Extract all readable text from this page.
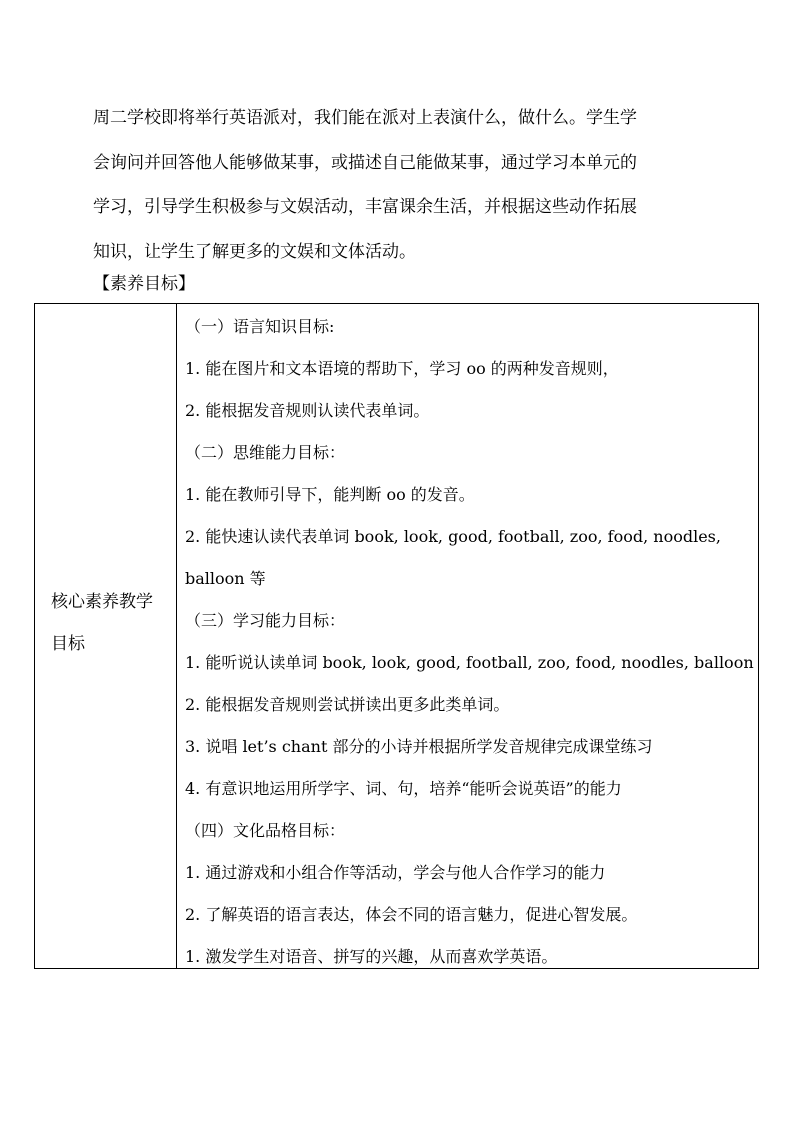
周二学校即将举行英语派对，我们能在派对上表演什么，做什么。学生学
会询问并回答他人能够做某事，或描述自己能做某事，通过学习本单元的
学习，引导学生积极参与文娱活动，丰富课余生活，并根据这些动作拓展
知识，让学生了解更多的文娱和文体活动。
【素养目标】
核心素养教学
目标
（一）语言知识目标:
1. 能在图片和文本语境的帮助下，学习 oo 的两种发音规则，
2. 能根据发音规则认读代表单词。
（二）思维能力目标：
1. 能在教师引导下，能判断 oo 的发音。
2. 能快速认读代表单词 book, look, good, football, zoo, food, noodles,
balloon 等
（三）学习能力目标：
1. 能听说认读单词 book, look, good, football, zoo, food, noodles, balloon
2. 能根据发音规则尝试拼读出更多此类单词。
3. 说唱 let’s chant 部分的小诗并根据所学发音规律完成课堂练习
4. 有意识地运用所学字、词、句，培养“能听会说英语”的能力
（四）文化品格目标：
1. 通过游戏和小组合作等活动，学会与他人合作学习的能力
2. 了解英语的语言表达，体会不同的语言魅力，促进心智发展。
1. 激发学生对语音、拼写的兴趣，从而喜欢学英语。
